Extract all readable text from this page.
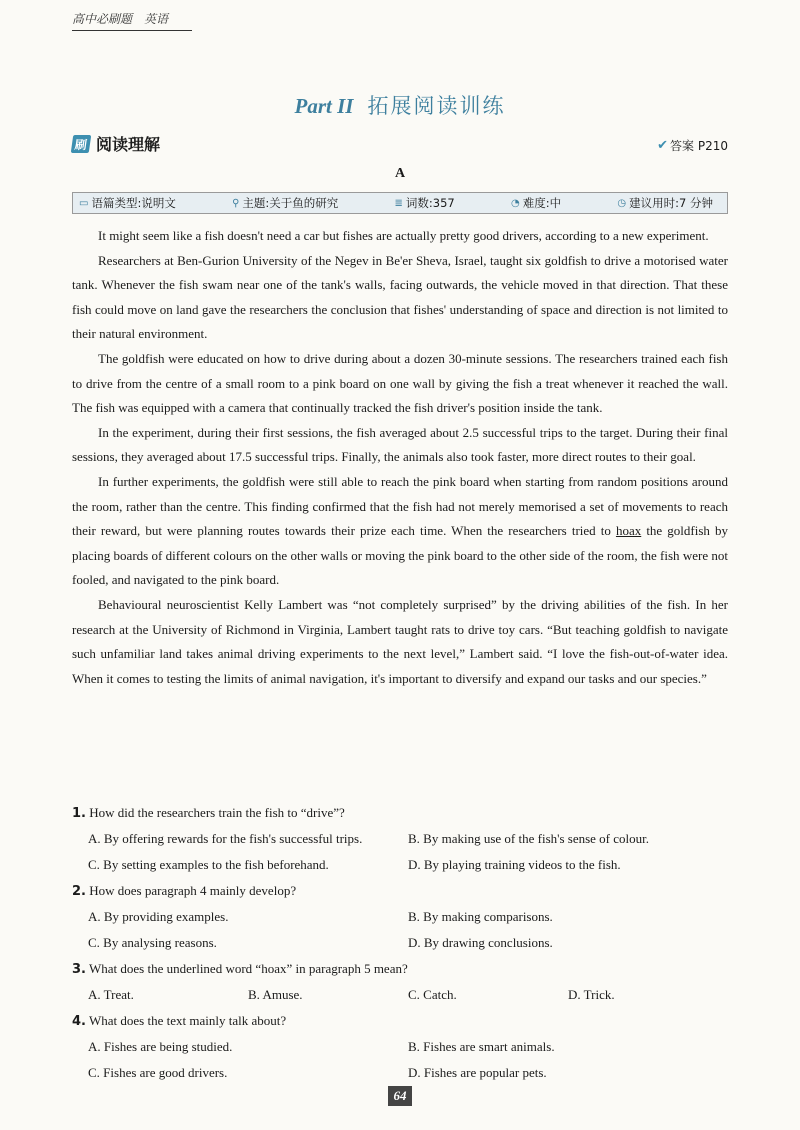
高中必刷题　英语
Part II 拓展阅读训练
刷 阅读理解	✔ 答案 P210
A
▭ 语篇类型:说明文	⚲ 主题:关于鱼的研究	≣ 词数:357	◔ 难度:中	◷ 建议用时:7 分钟

It might seem like a fish doesn't need a car but fishes are actually pretty good drivers, according to a new experiment.

Researchers at Ben-Gurion University of the Negev in Be'er Sheva, Israel, taught six goldfish to drive a motorised water tank. Whenever the fish swam near one of the tank's walls, facing outwards, the vehicle moved in that direction. That these fish could move on land gave the researchers the conclusion that fishes' understanding of space and direction is not limited to their natural environment.

The goldfish were educated on how to drive during about a dozen 30-minute sessions. The researchers trained each fish to drive from the centre of a small room to a pink board on one wall by giving the fish a treat whenever it reached the wall. The fish was equipped with a camera that continually tracked the fish driver's position inside the tank.

In the experiment, during their first sessions, the fish averaged about 2.5 successful trips to the target. During their final sessions, they averaged about 17.5 successful trips. Finally, the animals also took faster, more direct routes to their goal.

In further experiments, the goldfish were still able to reach the pink board when starting from random positions around the room, rather than the centre. This finding confirmed that the fish had not merely memorised a set of movements to reach their reward, but were planning routes towards their prize each time. When the researchers tried to hoax the goldfish by placing boards of different colours on the other walls or moving the pink board to the other side of the room, the fish were not fooled, and navigated to the pink board.

Behavioural neuroscientist Kelly Lambert was “not completely surprised” by the driving abilities of the fish. In her research at the University of Richmond in Virginia, Lambert taught rats to drive toy cars. “But teaching goldfish to navigate such unfamiliar land takes animal driving experiments to the next level,” Lambert said. “I love the fish-out-of-water idea. When it comes to testing the limits of animal navigation, it's important to diversify and expand our tasks and our species.”

1. How did the researchers train the fish to “drive”?
A. By offering rewards for the fish's successful trips.	B. By making use of the fish's sense of colour.
C. By setting examples to the fish beforehand.	D. By playing training videos to the fish.
2. How does paragraph 4 mainly develop?
A. By providing examples.	B. By making comparisons.
C. By analysing reasons.	D. By drawing conclusions.
3. What does the underlined word “hoax” in paragraph 5 mean?
A. Treat.	B. Amuse.	C. Catch.	D. Trick.
4. What does the text mainly talk about?
A. Fishes are being studied.	B. Fishes are smart animals.
C. Fishes are good drivers.	D. Fishes are popular pets.
64
